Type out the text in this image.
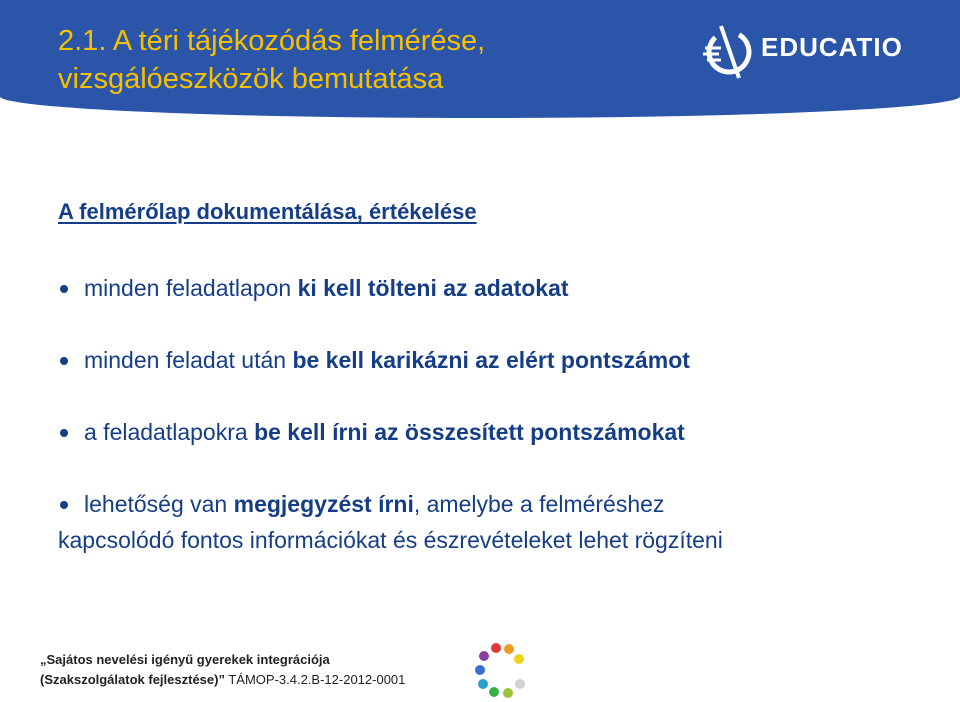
2.1. A téri tájékozódás felmérése,
vizsgálóeszközök bemutatása
EDUCATIO
A felmérőlap dokumentálása, értékelése
minden feladatlapon ki kell tölteni az adatokat
minden feladat után be kell karikázni az elért pontszámot
a feladatlapokra be kell írni az összesített pontszámokat
lehetőség van megjegyzést írni, amelybe a felméréshez
kapcsolódó fontos információkat és észrevételeket lehet rögzíteni
„Sajátos nevelési igényű gyerekek integrációja
(Szakszolgálatok fejlesztése)” TÁMOP-3.4.2.B-12-2012-0001
